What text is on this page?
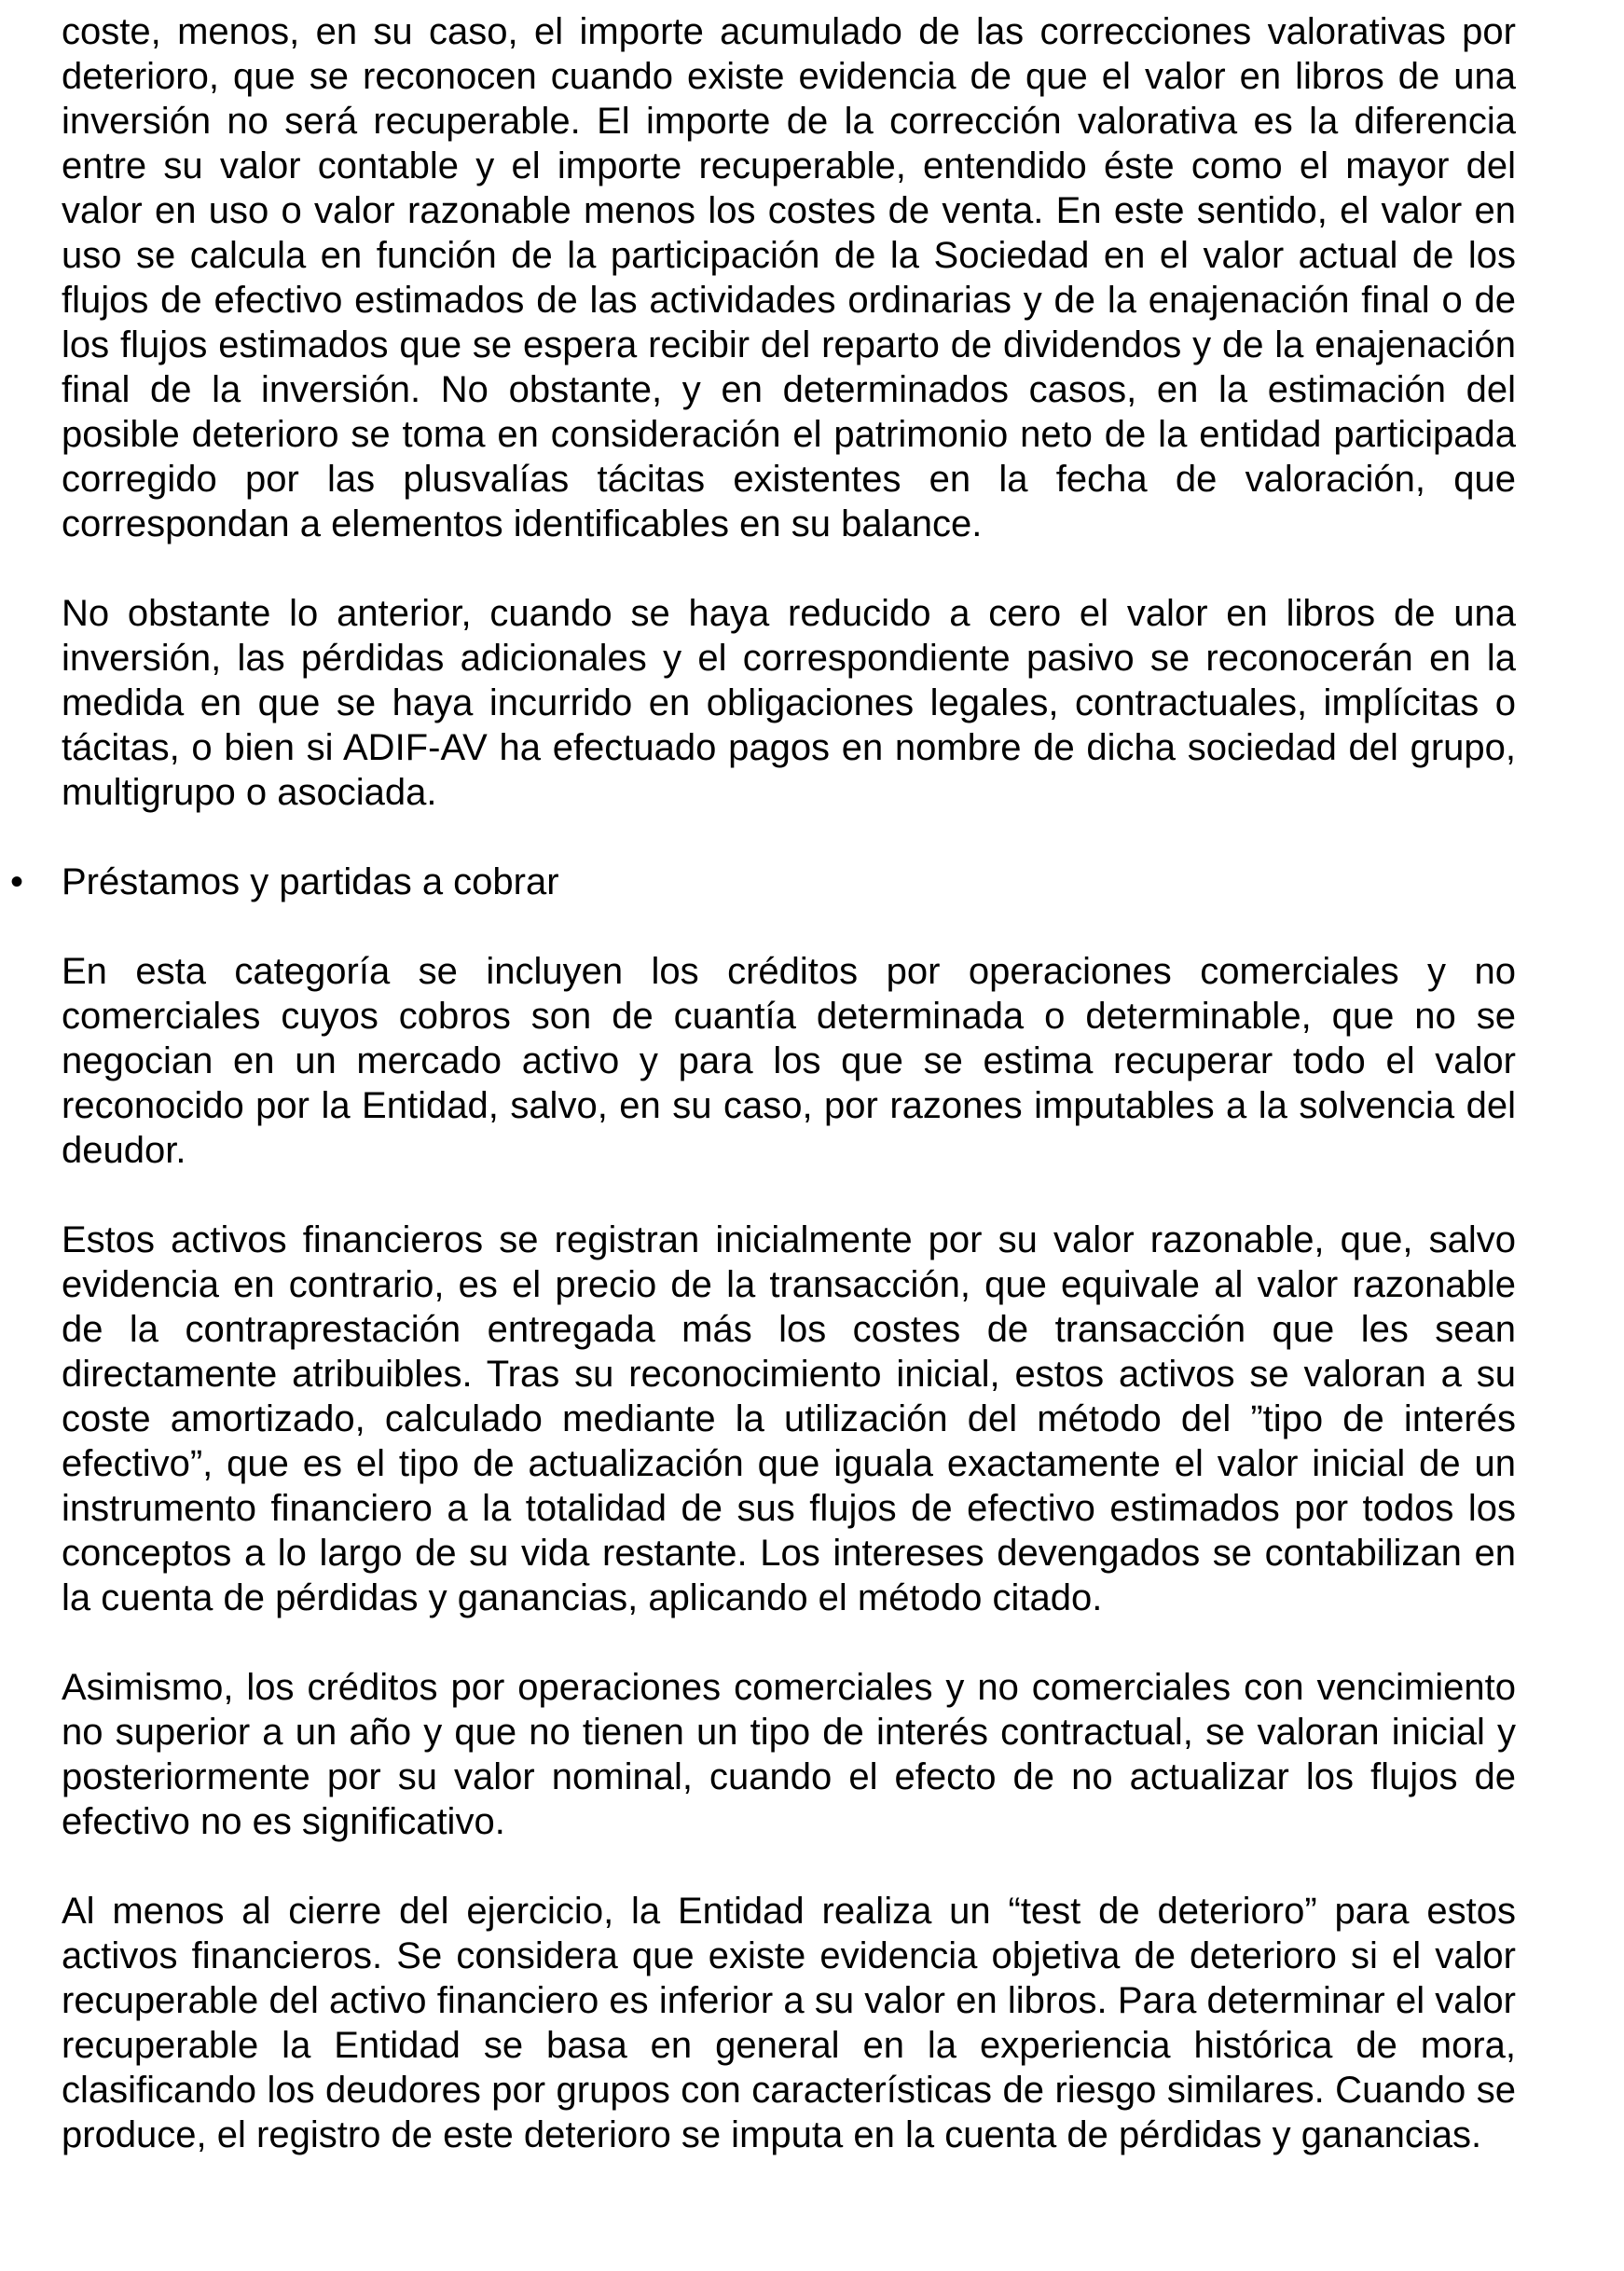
coste, menos, en su caso, el importe acumulado de las correcciones valorativas por deterioro, que se reconocen cuando existe evidencia de que el valor en libros de una inversión no será recuperable. El importe de la corrección valorativa es la diferencia entre su valor contable y el importe recuperable, entendido éste como el mayor del valor en uso o valor razonable menos los costes de venta. En este sentido, el valor en uso se calcula en función de la participación de la Sociedad en el valor actual de los flujos de efectivo estimados de las actividades ordinarias y de la enajenación final o de los flujos estimados que se espera recibir del reparto de dividendos y de la enajenación final de la inversión. No obstante, y en determinados casos, en la estimación del posible deterioro se toma en consideración el patrimonio neto de la entidad participada corregido por las plusvalías tácitas existentes en la fecha de valoración, que correspondan a elementos identificables en su balance.

No obstante lo anterior, cuando se haya reducido a cero el valor en libros de una inversión, las pérdidas adicionales y el correspondiente pasivo se reconocerán en la medida en que se haya incurrido en obligaciones legales, contractuales, implícitas o tácitas, o bien si ADIF-AV ha efectuado pagos en nombre de dicha sociedad del grupo, multigrupo o asociada.

• Préstamos y partidas a cobrar

En esta categoría se incluyen los créditos por operaciones comerciales y no comerciales cuyos cobros son de cuantía determinada o determinable, que no se negocian en un mercado activo y para los que se estima recuperar todo el valor reconocido por la Entidad, salvo, en su caso, por razones imputables a la solvencia del deudor.

Estos activos financieros se registran inicialmente por su valor razonable, que, salvo evidencia en contrario, es el precio de la transacción, que equivale al valor razonable de la contraprestación entregada más los costes de transacción que les sean directamente atribuibles. Tras su reconocimiento inicial, estos activos se valoran a su coste amortizado, calculado mediante la utilización del método del ”tipo de interés efectivo”, que es el tipo de actualización que iguala exactamente el valor inicial de un instrumento financiero a la totalidad de sus flujos de efectivo estimados por todos los conceptos a lo largo de su vida restante. Los intereses devengados se contabilizan en la cuenta de pérdidas y ganancias, aplicando el método citado.

Asimismo, los créditos por operaciones comerciales y no comerciales con vencimiento no superior a un año y que no tienen un tipo de interés contractual, se valoran inicial y posteriormente por su valor nominal, cuando el efecto de no actualizar los flujos de efectivo no es significativo.

Al menos al cierre del ejercicio, la Entidad realiza un “test de deterioro” para estos activos financieros. Se considera que existe evidencia objetiva de deterioro si el valor recuperable del activo financiero es inferior a su valor en libros. Para determinar el valor recuperable la Entidad se basa en general en la experiencia histórica de mora, clasificando los deudores por grupos con características de riesgo similares. Cuando se produce, el registro de este deterioro se imputa en la cuenta de pérdidas y ganancias.
